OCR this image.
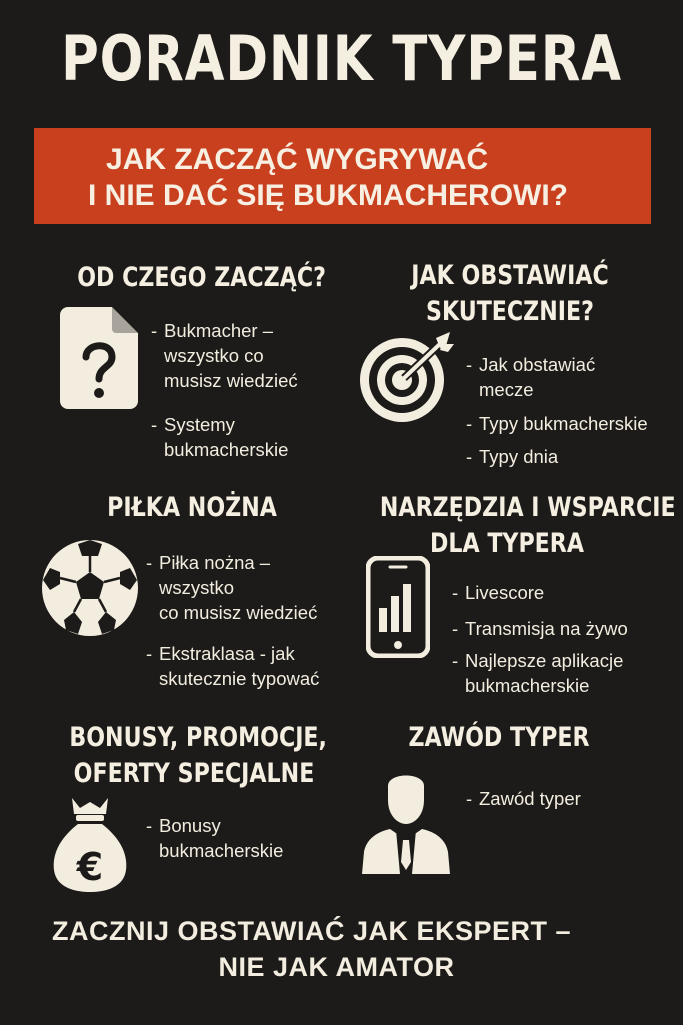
PORADNIK TYPERA
JAK ZACZĄĆ WYGRYWAĆ
I NIE DAĆ SIĘ BUKMACHEROWI?
OD CZEGO ZACZĄĆ?
- Bukmacher –
wszystko co
musisz wiedzieć
- Systemy
bukmacherskie
JAK OBSTAWIAĆ
SKUTECZNIE?
- Jak obstawiać
mecze
- Typy bukmacherskie
- Typy dnia
PIŁKA NOŻNA
- Piłka nożna –
wszystko
co musisz wiedzieć
- Ekstraklasa - jak
skutecznie typować
NARZĘDZIA I WSPARCIE
DLA TYPERA
- Livescore
- Transmisja na żywo
- Najlepsze aplikacje
bukmacherskie
BONUSY, PROMOCJE,
OFERTY SPECJALNE
€
- Bonusy
bukmacherskie
ZAWÓD TYPER
- Zawód typer
ZACZNIJ OBSTAWIAĆ JAK EKSPERT –
NIE JAK AMATOR
